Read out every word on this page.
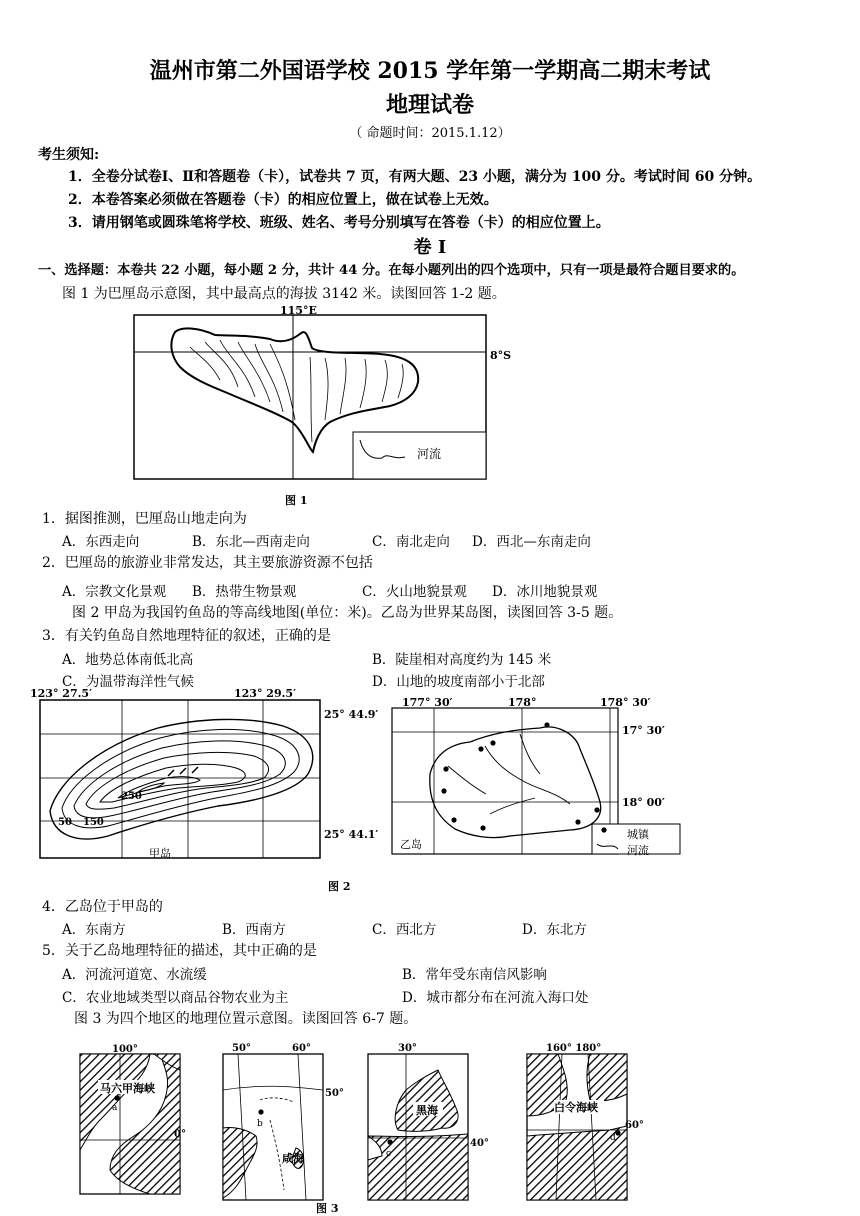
温州市第二外国语学校 2015 学年第一学期高二期末考试
地理试卷
（ 命题时间：2015.1.12）
考生须知:
1．全卷分试卷Ⅰ、Ⅱ和答题卷（卡），试卷共 7 页，有两大题、23 小题，满分为 100 分。考试时间 60 分钟。
2．本卷答案必须做在答题卷（卡）的相应位置上，做在试卷上无效。
3．请用钢笔或圆珠笔将学校、班级、姓名、考号分别填写在答卷（卡）的相应位置上。
卷 Ⅰ
一、选择题：本卷共 22 小题，每小题 2 分，共计 44 分。在每小题列出的四个选项中，只有一项是最符合题目要求的。
图 1 为巴厘岛示意图，其中最高点的海拔 3142 米。读图回答 1-2 题。
115°E
8°S
河流
图 1
1．据图推测，巴厘岛山地走向为
A．东西走向	B．东北—西南走向	C．南北走向 D．西北—东南走向
2．巴厘岛的旅游业非常发达，其主要旅游资源不包括
A．宗教文化景观 B．热带生物景观	C．火山地貌景观 D．冰川地貌景观
图 2 甲岛为我国钓鱼岛的等高线地图(单位：米)。乙岛为世界某岛图，读图回答 3-5 题。
3．有关钓鱼岛自然地理特征的叙述，正确的是
A．地势总体南低北高	B．陡崖相对高度约为 145 米
C．为温带海洋性气候	D．山地的坡度南部小于北部
123° 27.5′	123° 29.5′
25° 44.9′
25° 44.1′
250
50 150
甲岛
177° 30′	178°	178° 30′
17° 30′
18° 00′
城镇
河流
乙岛
图 2
4．乙岛位于甲岛的
A．东南方	B．西南方	C．西北方	D．东北方
5．关于乙岛地理特征的描述，其中正确的是
A．河流河道宽、水流缓	B．常年受东南信风影响
C．农业地域类型以商品谷物农业为主	D．城市都分布在河流入海口处
图 3 为四个地区的地理位置示意图。读图回答 6-7 题。
100°
0°
马六甲海峡
a
50°	60°
50°
b
咸海
30°
40°
黑海
c
160° 180°
60°
白令海峡
d
图 3
